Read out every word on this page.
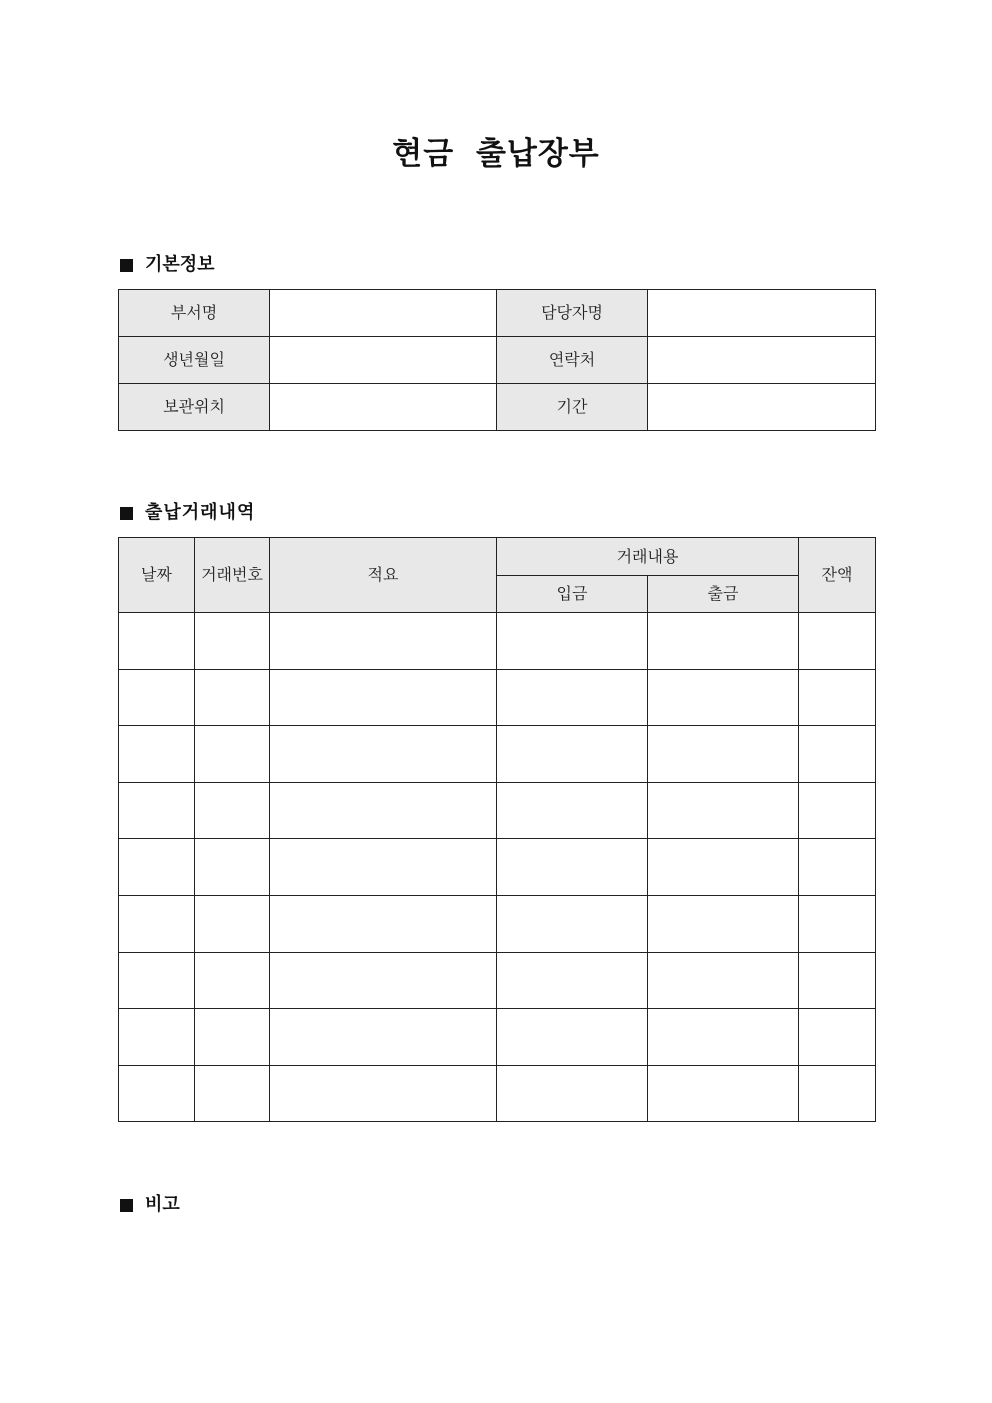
현금 출납장부
기본정보
부서명		담당자명	
생년월일		연락처	
보관위치		기간	
출납거래내역
날짜	거래번호	적요	거래내용		잔액
			입금	출금	

비고
